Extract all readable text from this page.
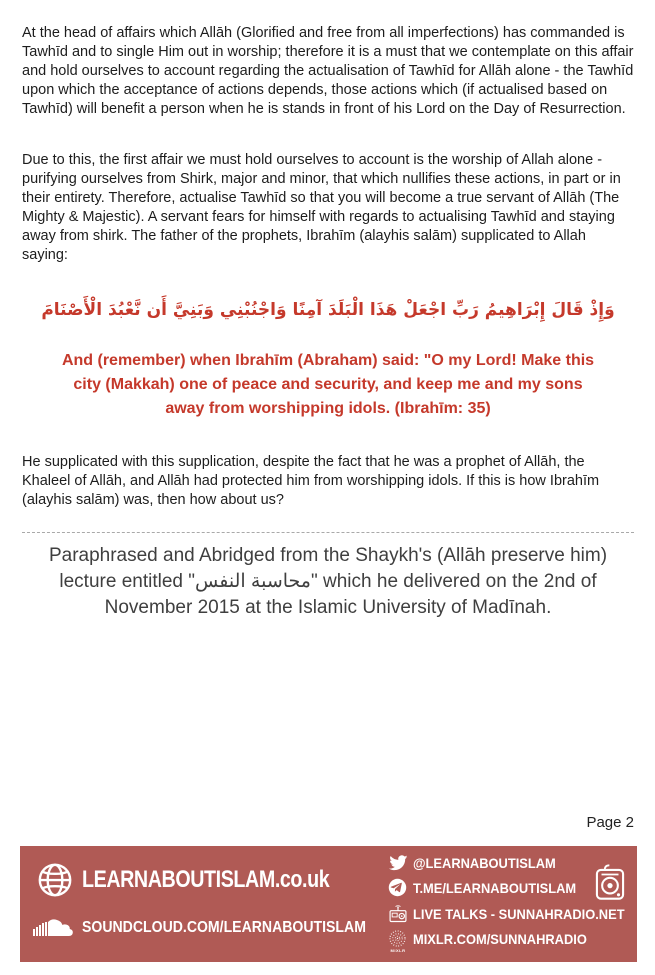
At the head of affairs which Allāh (Glorified and free from all imperfections) has commanded is Tawhīd and to single Him out in worship; therefore it is a must that we contemplate on this affair and hold ourselves to account regarding the actualisation of Tawhīd for Allāh alone - the Tawhīd upon which the acceptance of actions depends, those actions which (if actualised based on Tawhīd) will benefit a person when he is stands in front of his Lord on the Day of Resurrection.

Due to this, the first affair we must hold ourselves to account is the worship of Allah alone - purifying ourselves from Shirk, major and minor, that which nullifies these actions, in part or in their entirety. Therefore, actualise Tawhīd so that you will become a true servant of Allāh (The Mighty & Majestic). A servant fears for himself with regards to actualising Tawhīd and staying away from shirk. The father of the prophets, Ibrahīm (alayhis salām) supplicated to Allah saying:

وَإِذْ قَالَ إِبْرَاهِيمُ رَبِّ اجْعَلْ هَذَا الْبَلَدَ آمِنًا وَاجْنُبْنِي وَبَنِيَّ أَن نَّعْبُدَ الْأَصْنَامَ

And (remember) when Ibrahīm (Abraham) said: "O my Lord! Make this city (Makkah) one of peace and security, and keep me and my sons away from worshipping idols. (Ibrahīm: 35)

He supplicated with this supplication, despite the fact that he was a prophet of Allāh, the Khaleel of Allāh, and Allāh had protected him from worshipping idols. If this is how Ibrahīm (alayhis salām) was, then how about us?

Paraphrased and Abridged from the Shaykh's (Allāh preserve him) lecture entitled "محاسبة النفس" which he delivered on the 2nd of November 2015 at the Islamic University of Madīnah.

Page 2
LEARNABOUTISLAM.co.uk
SOUNDCLOUD.COM/LEARNABOUTISLAM
@LEARNABOUTISLAM
T.ME/LEARNABOUTISLAM
LIVE TALKS - SUNNAHRADIO.NET
MIXLR.COM/SUNNAHRADIO
MIXLR
